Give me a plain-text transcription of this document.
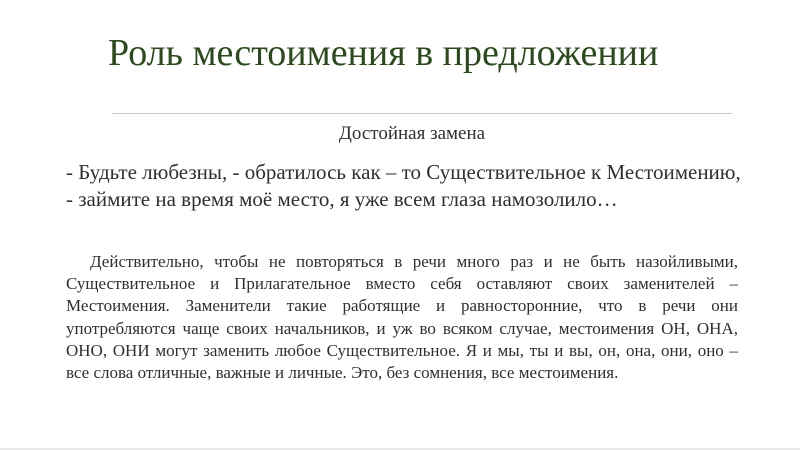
Роль местоимения в предложении
Достойная замена
- Будьте любезны, - обратилось как – то Существительное к Местоимению, - займите на время моё место, я уже всем глаза намозолило…
Действительно, чтобы не повторяться в речи много раз и не быть назойливыми, Существительное и Прилагательное вместо себя оставляют своих заменителей – Местоимения. Заменители такие работящие и равносторонние, что в речи они употребляются чаще своих начальников, и уж во всяком случае, местоимения ОН, ОНА, ОНО, ОНИ могут заменить любое Существительное. Я и мы, ты и вы, он, она, они, оно – все слова отличные, важные и личные. Это, без сомнения, все местоимения.
